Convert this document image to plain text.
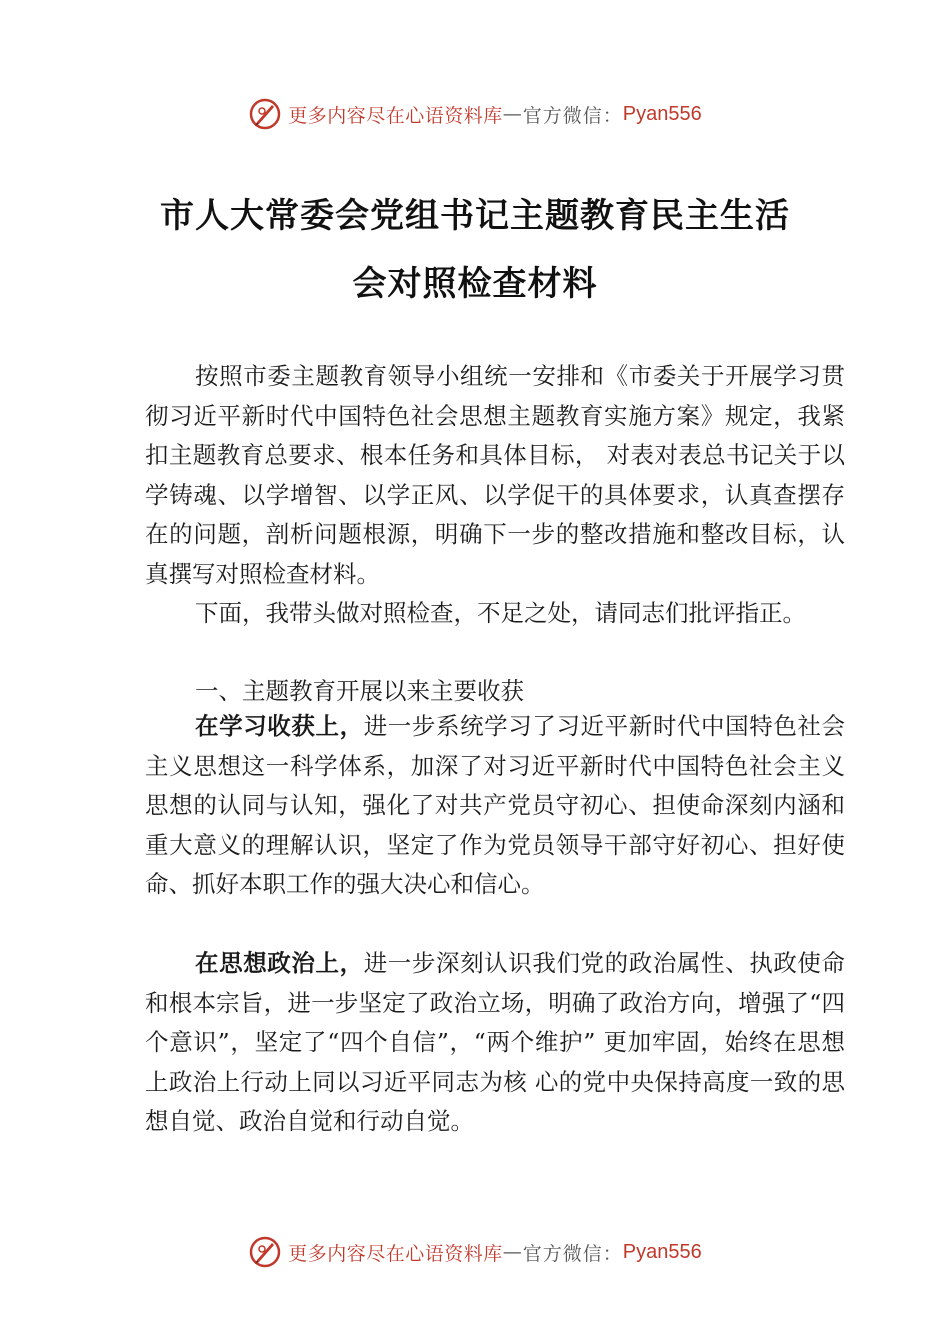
更多内容尽在心语资料库 — 官方微信： Pyan556
市人大常委会党组书记主题教育民主生活
会对照检查材料
按照市委主题教育领导小组统一安排和《市委关于开展学习贯彻习近平新时代中国特色社会思想主题教育实施方案》规定，我紧扣主题教育总要求、根本任务和具体目标， 对表对表总书记关于以学铸魂、以学增智、以学正风、以学促干的具体要求，认真查摆存在的问题，剖析问题根源，明确下一步的整改措施和整改目标，认真撰写对照检查材料。
下面，我带头做对照检查，不足之处，请同志们批评指正。
一、主题教育开展以来主要收获
在学习收获上，进一步系统学习了习近平新时代中国特色社会主义思想这一科学体系，加深了对习近平新时代中国特色社会主义思想的认同与认知，强化了对共产党员守初心、担使命深刻内涵和重大意义的理解认识，坚定了作为党员领导干部守好初心、担好使命、抓好本职工作的强大决心和信心。
在思想政治上，进一步深刻认识我们党的政治属性、执政使命和根本宗旨，进一步坚定了政治立场，明确了政治方向，增强了“四个意识”，坚定了“四个自信”，“两个维护” 更加牢固，始终在思想上政治上行动上同以习近平同志为核 心的党中央保持高度一致的思想自觉、政治自觉和行动自觉。
更多内容尽在心语资料库 — 官方微信： Pyan556
